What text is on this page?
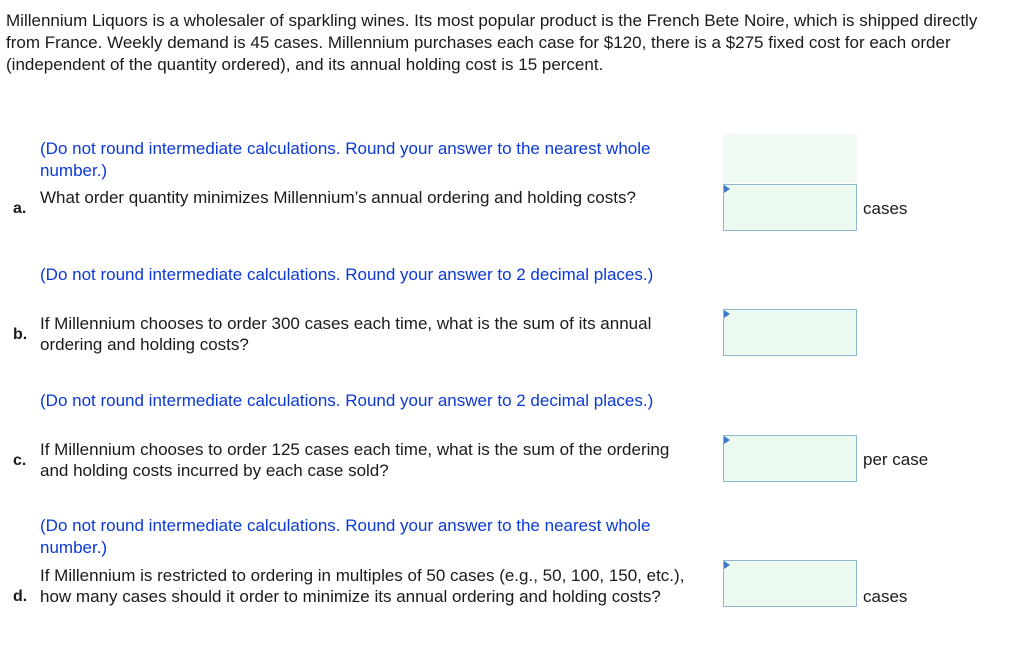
Millennium Liquors is a wholesaler of sparkling wines. Its most popular product is the French Bete Noire, which is shipped directly from France. Weekly demand is 45 cases. Millennium purchases each case for $120, there is a $275 fixed cost for each order (independent of the quantity ordered), and its annual holding cost is 15 percent.

(Do not round intermediate calculations. Round your answer to the nearest whole number.)
a.
What order quantity minimizes Millennium’s annual ordering and holding costs?
cases
(Do not round intermediate calculations. Round your answer to 2 decimal places.)
b.
If Millennium chooses to order 300 cases each time, what is the sum of its annual ordering and holding costs?
(Do not round intermediate calculations. Round your answer to 2 decimal places.)
c.
If Millennium chooses to order 125 cases each time, what is the sum of the ordering and holding costs incurred by each case sold?
per case
(Do not round intermediate calculations. Round your answer to the nearest whole number.)
d.
If Millennium is restricted to ordering in multiples of 50 cases (e.g., 50, 100, 150, etc.), how many cases should it order to minimize its annual ordering and holding costs?	cases
